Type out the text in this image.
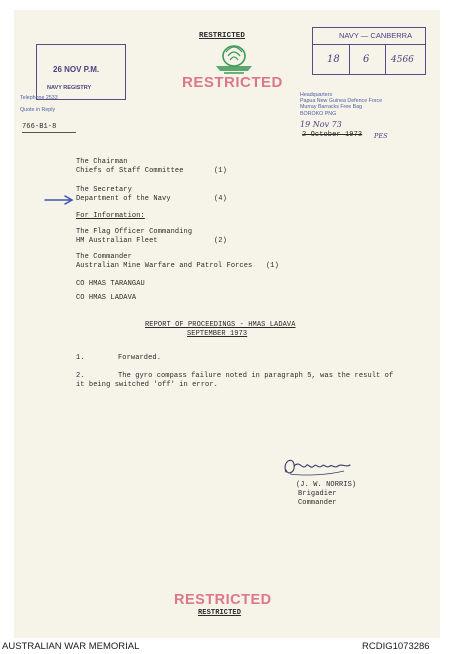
RESTRICTED
RESTRICTED
26 NOV P.M.
NAVY REGISTRY
NAVY — CANBERRA
18 6 4566
Telephone 2533
Quote in Reply
766-B1-8
Headquarters
Papua New Guinea Defence Force
Murray Barracks Free Bag
BOROKO PNG
19 Nov 73
2 October 1973 PES
The Chairman
Chiefs of Staff Committee	(1)
The Secretary
Department of the Navy	(4)
For Information:
The Flag Officer Commanding
HM Australian Fleet	(2)
The Commander
Australian Mine Warfare and Patrol Forces (1)
CO HMAS TARANGAU
CO HMAS LADAVA
REPORT OF PROCEEDINGS - HMAS LADAVA
SEPTEMBER 1973
1.	Forwarded.
2.	The gyro compass failure noted in paragraph 5, was the result of
it being switched 'off' in error.
(J. W. NORRIS)
Brigadier
Commander
RESTRICTED
RESTRICTED
AUSTRALIAN WAR MEMORIAL	RCDIG1073286
